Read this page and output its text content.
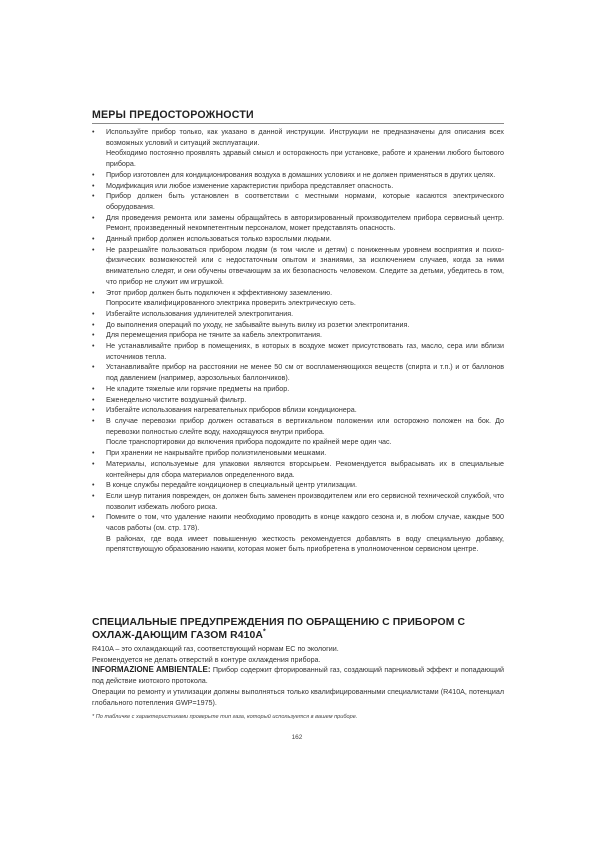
МЕРЫ ПРЕДОСТОРОЖНОСТИ
• Используйте прибор только, как указано в данной инструкции. Инструкции не предназначены для описания всех возможных условий и ситуаций эксплуатации.

Необходимо постоянно проявлять здравый смысл и осторожность при установке, работе и хранении любого бытового прибора.

• Прибор изготовлен для кондиционирования воздуха в домашних условиях и не должен применяться в других целях.

• Модификация или любое изменение характеристик прибора представляет опасность.

• Прибор должен быть установлен в соответствии с местными нормами, которые касаются электрического оборудования.

• Для проведения ремонта или замены обращайтесь в авторизированный производителем прибора сервисный центр. Ремонт, произведенный некомпетентным персоналом, может представлять опасность.

• Данный прибор должен использоваться только взрослыми людьми.

• Не разрешайте пользоваться прибором людям (в том числе и детям) с пониженным уровнем восприятия и психо-физических возможностей или с недостаточным опытом и знаниями, за исключением случаев, когда за ними внимательно следят, и они обучены отвечающим за их безопасность человеком. Следите за детьми, убедитесь в том, что прибор не служит им игрушкой.

• Этот прибор должен быть подключен к эффективному заземлению.

Попросите квалифицированного электрика проверить электрическую сеть.

• Избегайте использования удлинителей электропитания.

• До выполнения операций по уходу, не забывайте вынуть вилку из розетки электропитания.

• Для перемещения прибора не тяните за кабель электропитания.

• Не устанавливайте прибор в помещениях, в которых в воздухе может присутствовать газ, масло, сера или вблизи источников тепла.

• Устанавливайте прибор на расстоянии не менее 50 см от воспламеняющихся веществ (спирта и т.п.) и от баллонов под давлением (например, аэрозольных баллончиков).

• Не кладите тяжелые или горячие предметы на прибор.

• Еженедельно чистите воздушный фильтр.

• Избегайте использования нагревательных приборов вблизи кондиционера.

• В случае перевозки прибор должен оставаться в вертикальном положении или осторожно положен на бок. До перевозки полностью слейте воду, находящуюся внутри прибора.

После транспортировки до включения прибора подождите по крайней мере один час.

• При хранении не накрывайте прибор полиэтиленовыми мешками.

• Материалы, используемые для упаковки являются вторсырьем. Рекомендуется выбрасывать их в специальные контейнеры для сбора материалов определенного вида.

• В конце службы передайте кондиционер в специальный центр утилизации.

• Если шнур питания поврежден, он должен быть заменен производителем или его сервисной технической службой, что позволит избежать любого риска.

• Помните о том, что удаление накипи необходимо проводить в конце каждого сезона и, в любом случае, каждые 500 часов работы (см. стр. 178).

В районах, где вода имеет повышенную жесткость рекомендуется добавлять в воду специальную добавку, препятствующую образованию накипи, которая может быть приобретена в уполномоченном сервисном центре.

СПЕЦИАЛЬНЫЕ ПРЕДУПРЕЖДЕНИЯ ПО ОБРАЩЕНИЮ С ПРИБОРОМ С ОХЛАЖ-ДАЮЩИМ ГАЗОМ R410A*

R410A – это охлаждающий газ, соответствующий нормам ЕС по экологии.

Рекомендуется не делать отверстий в контуре охлаждения прибора.

INFORMAZIONE AMBIENTALE: Прибор содержит фторированный газ, создающий парниковый эффект и попадающий под действие киотского протокола.

Операции по ремонту и утилизации должны выполняться только квалифицированными специалистами (R410A, потенциал глобального потепления GWP=1975).

* По табличке с характеристиками проверьте тип газа, который используется в вашем приборе.
162
